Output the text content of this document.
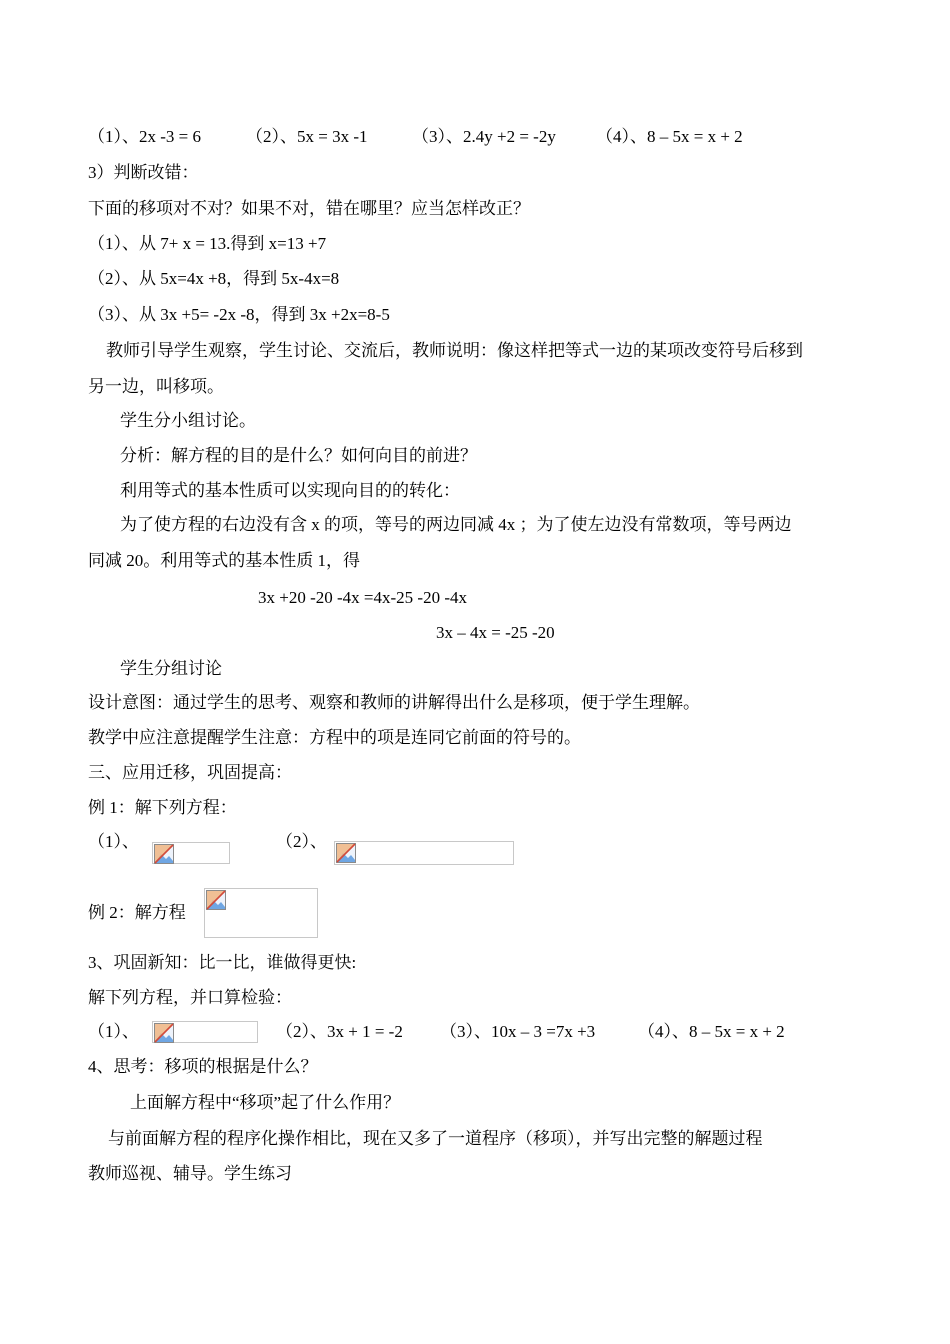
（1）、2x -3 = 6	（2）、5x = 3x -1	（3）、2.4y +2 = -2y （4）、8 – 5x = x + 2
3）判断改错：
下面的移项对不对？如果不对，错在哪里？应当怎样改正？
（1）、从 7+ x = 13.得到 x=13 +7
（2）、从 5x=4x +8，得到 5x-4x=8
（3）、从 3x +5= -2x -8，得到 3x +2x=8-5
教师引导学生观察，学生讨论、交流后，教师说明：像这样把等式一边的某项改变符号后移到
另一边，叫移项。
学生分小组讨论。
分析：解方程的目的是什么？如何向目的前进？
利用等式的基本性质可以实现向目的的转化：
为了使方程的右边没有含 x 的项，等号的两边同减 4x ；为了使左边没有常数项，等号两边
同减 20。利用等式的基本性质 1，得
3x +20 -20 -4x =4x-25 -20 -4x
3x – 4x = -25 -20
学生分组讨论
设计意图：通过学生的思考、观察和教师的讲解得出什么是移项，便于学生理解。
教学中应注意提醒学生注意：方程中的项是连同它前面的符号的。
三、应用迁移，巩固提高：
例 1：解下列方程：
（1）、	（2）、
例 2：解方程
3、巩固新知：比一比，谁做得更快:
解下列方程，并口算检验：
（1）、	（2）、3x + 1 = -2 （3）、10x – 3 =7x +3	（4）、8 – 5x = x + 2
4、思考：移项的根据是什么？
上面解方程中“移项”起了什么作用？
与前面解方程的程序化操作相比，现在又多了一道程序（移项），并写出完整的解题过程
教师巡视、辅导。学生练习
